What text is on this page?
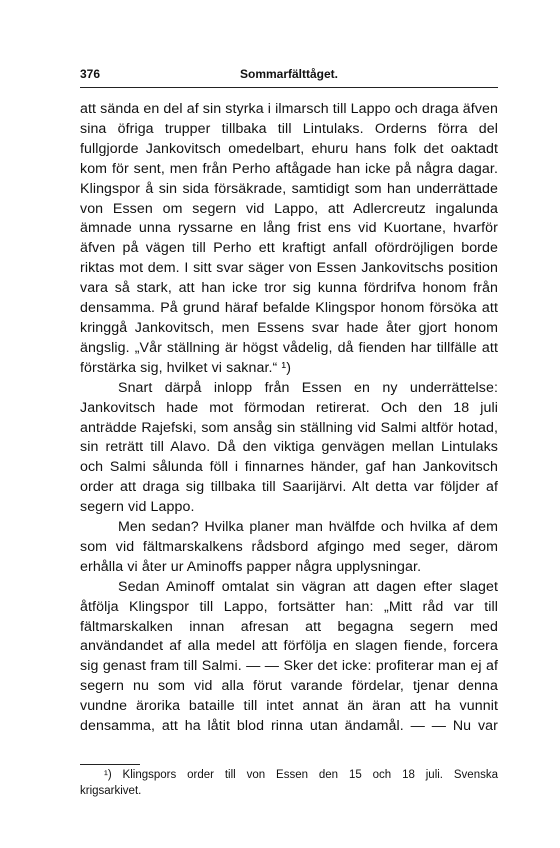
376	Sommarfälttåget.

att sända en del af sin styrka i ilmarsch till Lappo och draga äfven sina öfriga trupper tillbaka till Lintulaks. Orderns förra del fullgjorde Jankovitsch omedelbart, ehuru hans folk det oaktadt kom för sent, men från Perho aftågade han icke på några dagar. Klingspor å sin sida försäkrade, samtidigt som han underrättade von Essen om segern vid Lappo, att Adlercreutz ingalunda ämnade unna ryssarne en lång frist ens vid Kuortane, hvarför äfven på vägen till Perho ett kraftigt anfall ofördröjligen borde riktas mot dem. I sitt svar säger von Essen Jankovitschs position vara så stark, att han icke tror sig kunna fördrifva honom från densamma. På grund häraf befalde Klingspor honom försöka att kringgå Jankovitsch, men Essens svar hade åter gjort honom ängslig. „Vår ställning är högst vådelig, då fienden har tillfälle att förstärka sig, hvilket vi saknar.“ ¹)

Snart därpå inlopp från Essen en ny underrättelse: Jankovitsch hade mot förmodan retirerat. Och den 18 juli anträdde Rajefski, som ansåg sin ställning vid Salmi altför hotad, sin reträtt till Alavo. Då den viktiga genvägen mellan Lintulaks och Salmi sålunda föll i finnarnes händer, gaf han Jankovitsch order att draga sig tillbaka till Saarijärvi. Alt detta var följder af segern vid Lappo.

Men sedan? Hvilka planer man hvälfde och hvilka af dem som vid fältmarskalkens rådsbord afgingo med seger, därom erhålla vi åter ur Aminoffs papper några upplysningar.

Sedan Aminoff omtalat sin vägran att dagen efter slaget åtfölja Klingspor till Lappo, fortsätter han: „Mitt råd var till fältmarskalken innan afresan att begagna segern med användandet af alla medel att förfölja en slagen fiende, forcera sig genast fram till Salmi. — — Sker det icke: profiterar man ej af segern nu som vid alla förut varande fördelar, tjenar denna vundne ärorika bataille till intet annat än äran att ha vunnit densamma, att ha låtit blod rinna utan ändamål. — — Nu var

¹) Klingspors order till von Essen den 15 och 18 juli. Svenska

krigsarkivet.
